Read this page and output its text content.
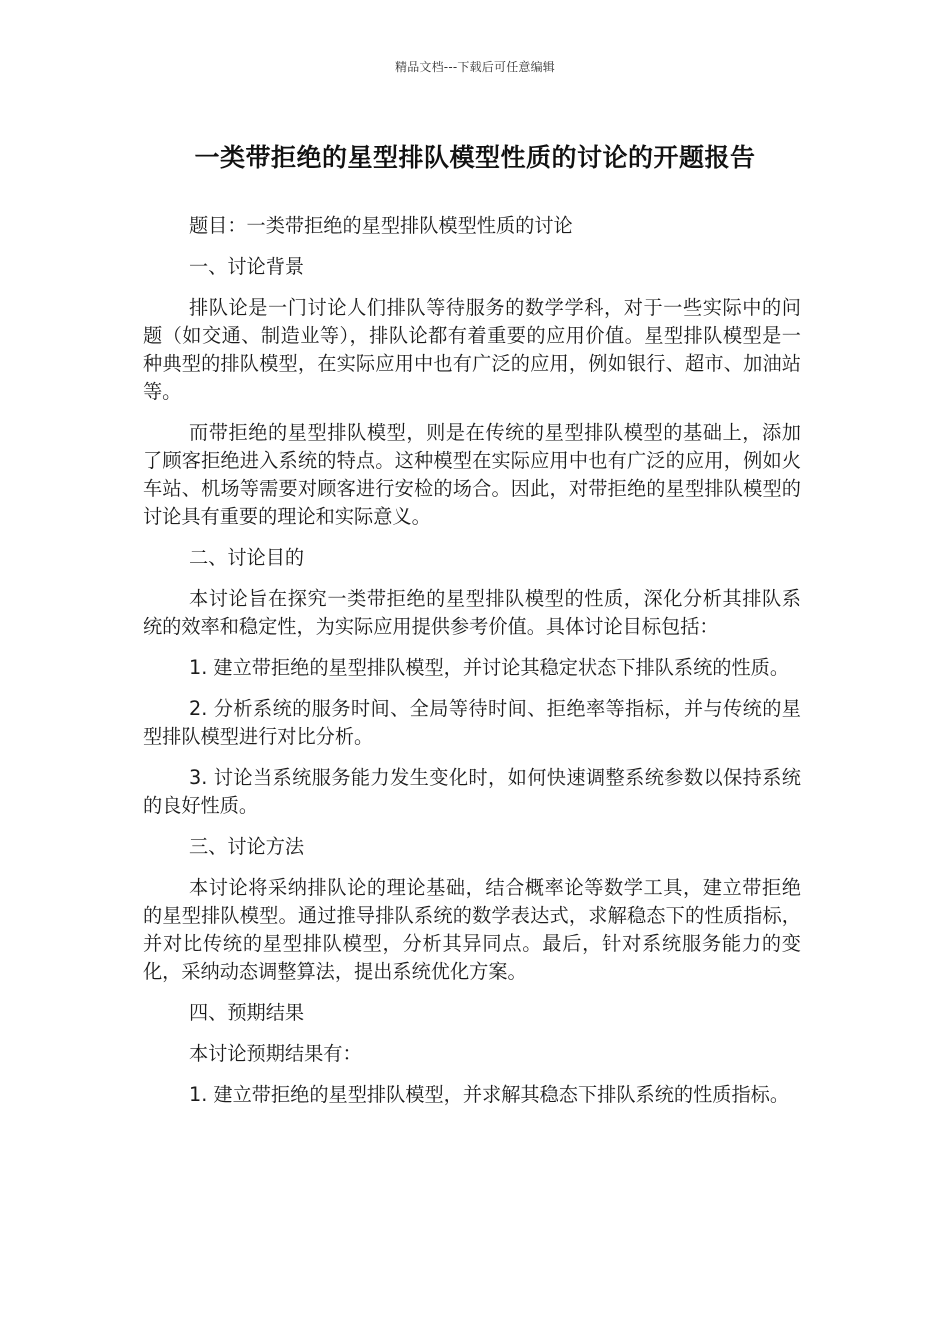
精品文档---下载后可任意编辑
一类带拒绝的星型排队模型性质的讨论的开题报告

题目：一类带拒绝的星型排队模型性质的讨论

一、讨论背景

排队论是一门讨论人们排队等待服务的数学学科，对于一些实际中的问题（如交通、制造业等），排队论都有着重要的应用价值。星型排队模型是一种典型的排队模型，在实际应用中也有广泛的应用，例如银行、超市、加油站等。

而带拒绝的星型排队模型，则是在传统的星型排队模型的基础上，添加了顾客拒绝进入系统的特点。这种模型在实际应用中也有广泛的应用，例如火车站、机场等需要对顾客进行安检的场合。因此，对带拒绝的星型排队模型的讨论具有重要的理论和实际意义。

二、讨论目的

本讨论旨在探究一类带拒绝的星型排队模型的性质，深化分析其排队系统的效率和稳定性，为实际应用提供参考价值。具体讨论目标包括：

1. 建立带拒绝的星型排队模型，并讨论其稳定状态下排队系统的性质。

2. 分析系统的服务时间、全局等待时间、拒绝率等指标，并与传统的星型排队模型进行对比分析。

3. 讨论当系统服务能力发生变化时，如何快速调整系统参数以保持系统的良好性质。

三、讨论方法

本讨论将采纳排队论的理论基础，结合概率论等数学工具，建立带拒绝的星型排队模型。通过推导排队系统的数学表达式，求解稳态下的性质指标，并对比传统的星型排队模型，分析其异同点。最后，针对系统服务能力的变化，采纳动态调整算法，提出系统优化方案。

四、预期结果

本讨论预期结果有：

1. 建立带拒绝的星型排队模型，并求解其稳态下排队系统的性质指标。
